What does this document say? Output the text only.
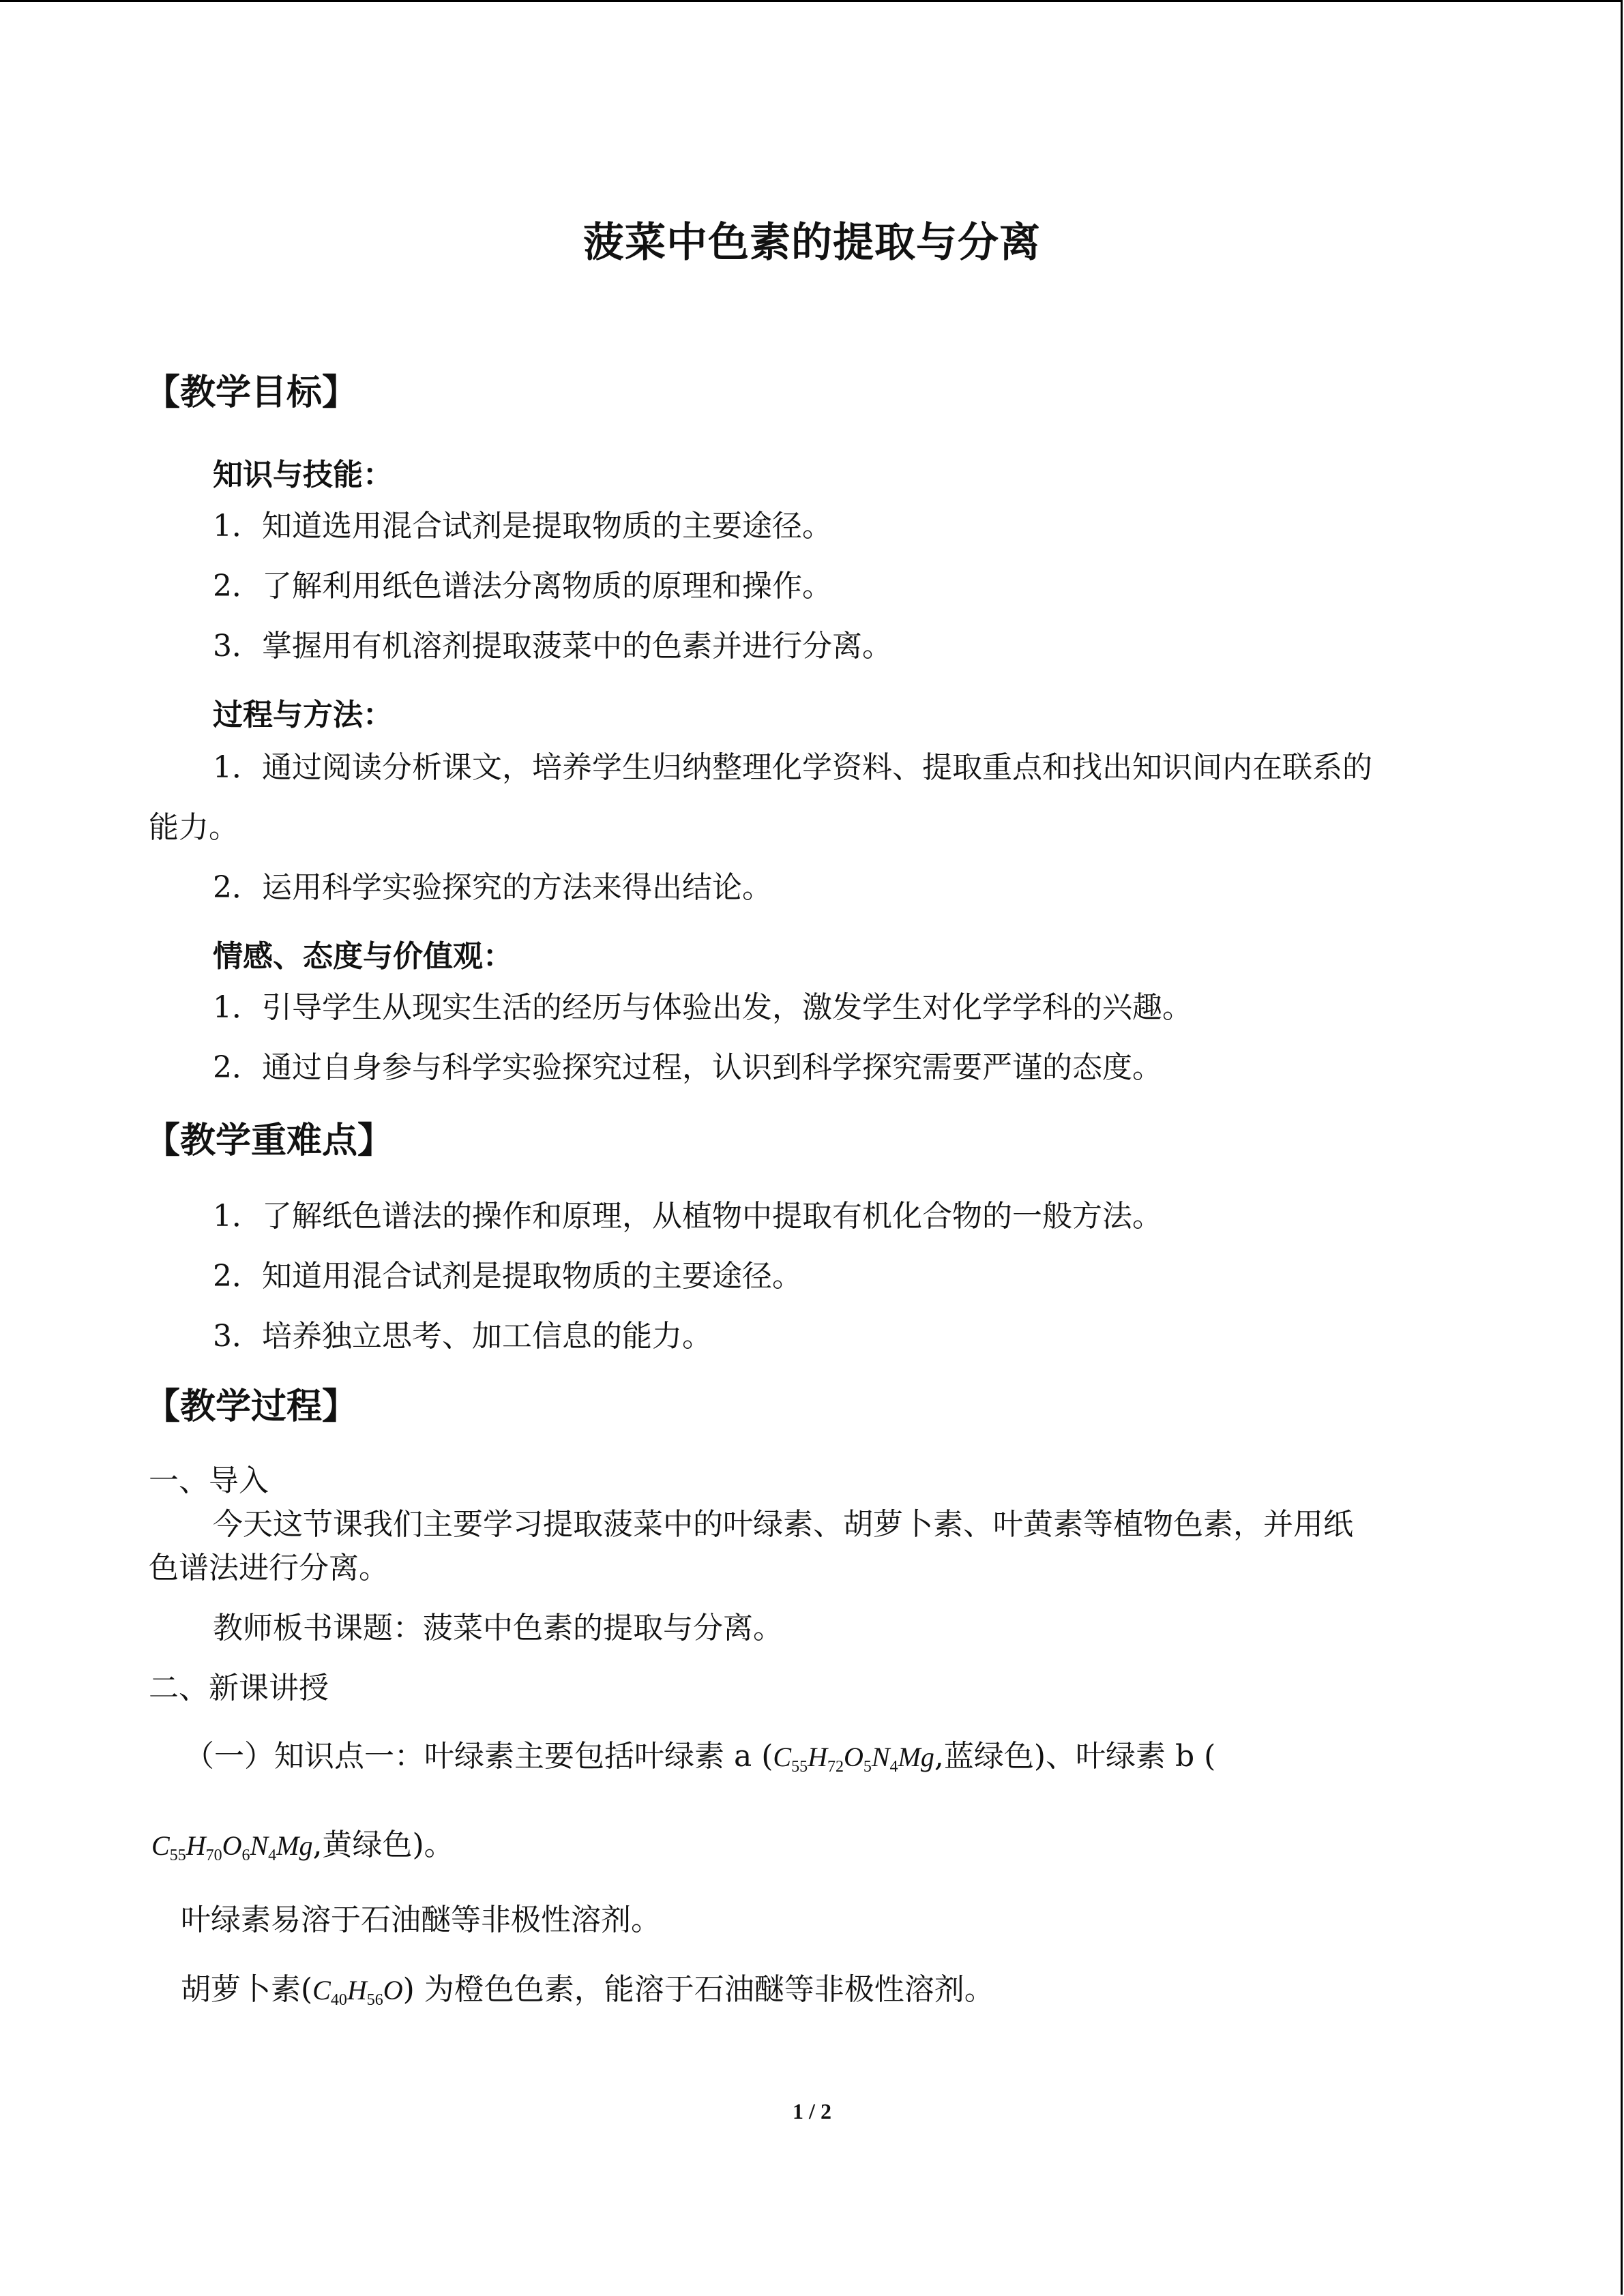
菠菜中色素的提取与分离
【教学目标】
知识与技能：
1．知道选用混合试剂是提取物质的主要途径。
2．了解利用纸色谱法分离物质的原理和操作。
3．掌握用有机溶剂提取菠菜中的色素并进行分离。
过程与方法：
1．通过阅读分析课文，培养学生归纳整理化学资料、提取重点和找出知识间内在联系的
能力。
2．运用科学实验探究的方法来得出结论。
情感、态度与价值观：
1．引导学生从现实生活的经历与体验出发，激发学生对化学学科的兴趣。
2．通过自身参与科学实验探究过程，认识到科学探究需要严谨的态度。
【教学重难点】
1．了解纸色谱法的操作和原理，从植物中提取有机化合物的一般方法。
2．知道用混合试剂是提取物质的主要途径。
3．培养独立思考、加工信息的能力。
【教学过程】
一、导入
今天这节课我们主要学习提取菠菜中的叶绿素、胡萝卜素、叶黄素等植物色素，并用纸
色谱法进行分离。
教师板书课题：菠菜中色素的提取与分离。
二、新课讲授
（一）知识点一：叶绿素主要包括叶绿素 a ($C_{55}H_{72}O_5N_4Mg$,蓝绿色)、叶绿素 b (
$C_{55}H_{70}O_6N_4Mg$,黄绿色)。
叶绿素易溶于石油醚等非极性溶剂。
胡萝卜素$(C_{40}H_{56}O)$ 为橙色色素，能溶于石油醚等非极性溶剂。
1 / 2
